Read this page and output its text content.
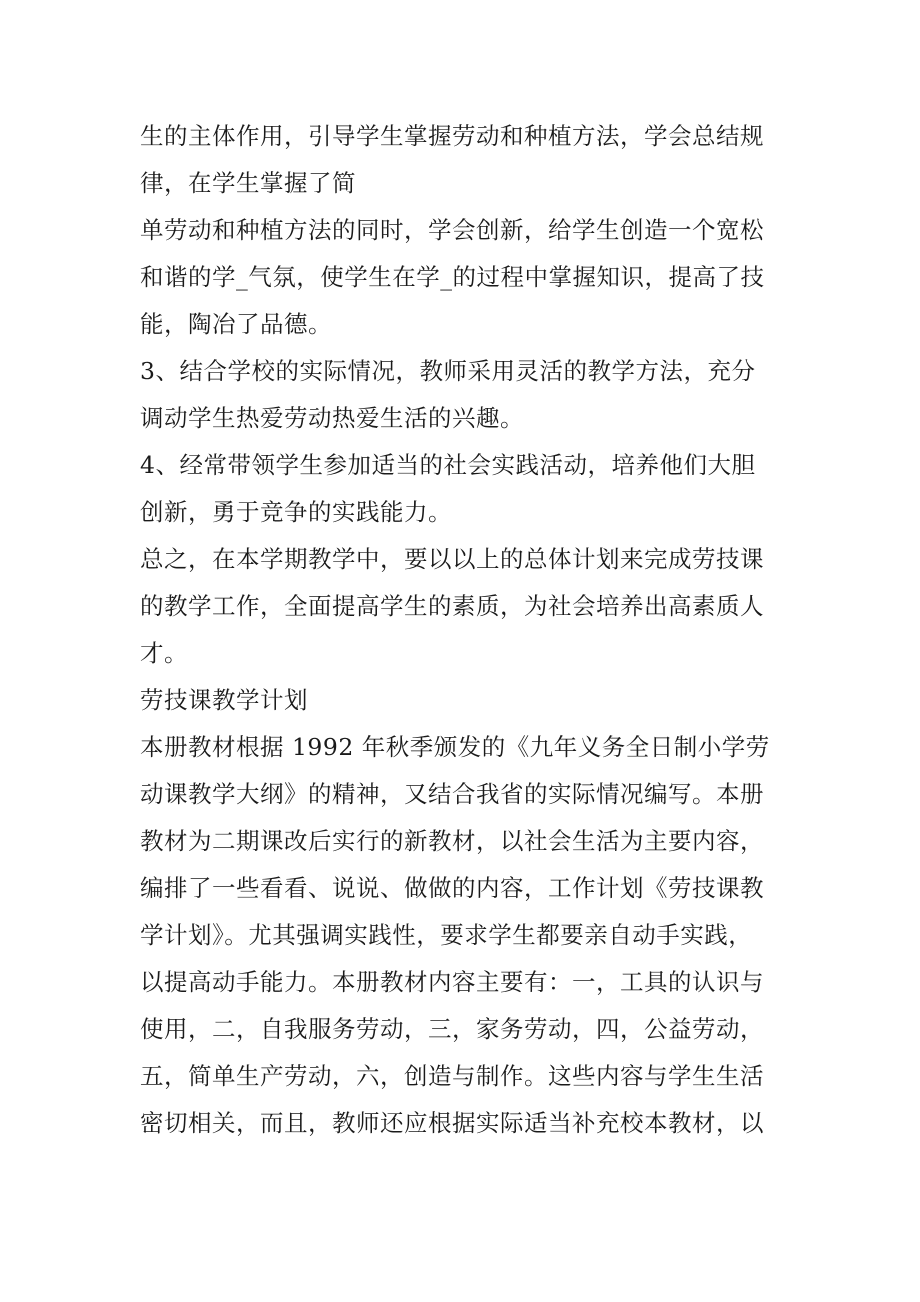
生的主体作用，引导学生掌握劳动和种植方法，学会总结规
律，在学生掌握了简
单劳动和种植方法的同时，学会创新，给学生创造一个宽松
和谐的学_气氛，使学生在学_的过程中掌握知识，提高了技
能，陶冶了品德。
3、结合学校的实际情况，教师采用灵活的教学方法，充分
调动学生热爱劳动热爱生活的兴趣。
4、经常带领学生参加适当的社会实践活动，培养他们大胆
创新，勇于竞争的实践能力。
总之，在本学期教学中，要以以上的总体计划来完成劳技课
的教学工作，全面提高学生的素质，为社会培养出高素质人
才。
劳技课教学计划
本册教材根据 1992 年秋季颁发的《九年义务全日制小学劳
动课教学大纲》的精神，又结合我省的实际情况编写。本册
教材为二期课改后实行的新教材，以社会生活为主要内容，
编排了一些看看、说说、做做的内容，工作计划《劳技课教
学计划》。尤其强调实践性，要求学生都要亲自动手实践，
以提高动手能力。本册教材内容主要有：一，工具的认识与
使用，二，自我服务劳动，三，家务劳动，四，公益劳动，
五，简单生产劳动，六，创造与制作。这些内容与学生生活
密切相关，而且，教师还应根据实际适当补充校本教材，以
